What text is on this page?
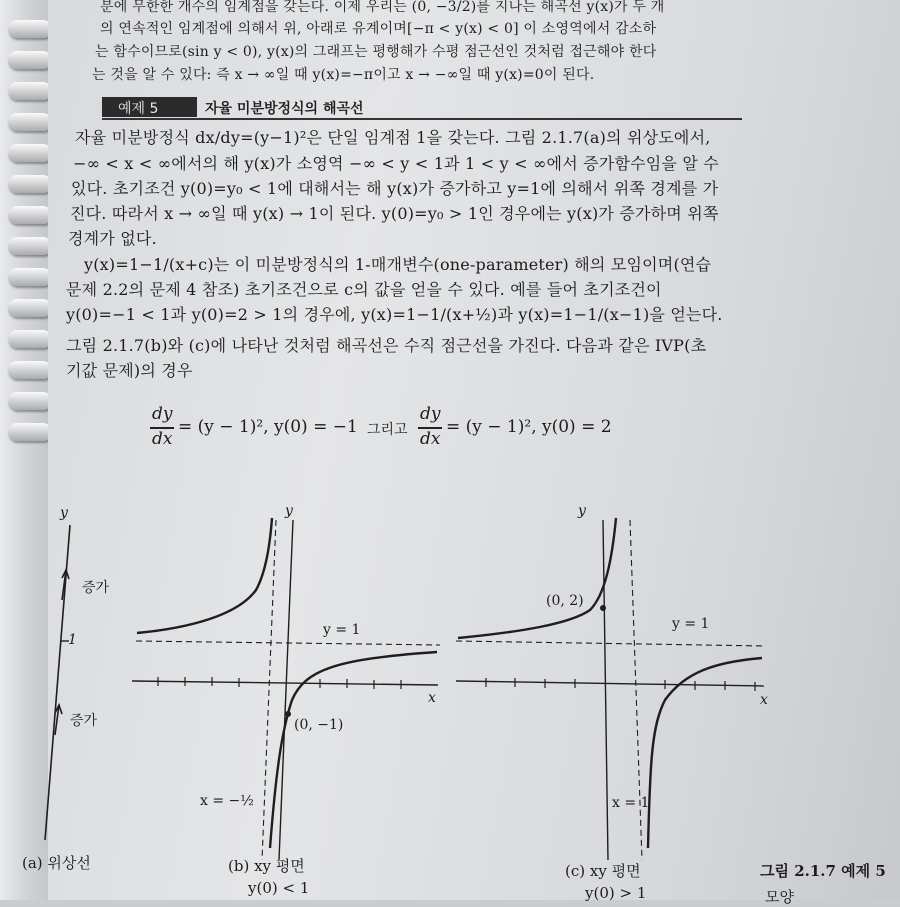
분에 무한한 개수의 임계점을 갖는다. 이제 우리는 (0, −3/2)를 지나는 해곡선 y(x)가 두 개
의 연속적인 임계점에 의해서 위, 아래로 유계이며[−π < y(x) < 0] 이 소영역에서 감소하
는 함수이므로(sin y < 0), y(x)의 그래프는 평행해가 수평 점근선인 것처럼 접근해야 한다
는 것을 알 수 있다: 즉 x → ∞일 때 y(x)=−π이고 x → −∞일 때 y(x)=0이 된다.
예제 5	자율 미분방정식의 해곡선
자율 미분방정식 dx/dy=(y−1)²은 단일 임계점 1을 갖는다. 그림 2.1.7(a)의 위상도에서,
−∞ < x < ∞에서의 해 y(x)가 소영역 −∞ < y < 1과 1 < y < ∞에서 증가함수임을 알 수
있다. 초기조건 y(0)=y₀ < 1에 대해서는 해 y(x)가 증가하고 y=1에 의해서 위쪽 경계를 가
진다. 따라서 x → ∞일 때 y(x) → 1이 된다. y(0)=y₀ > 1인 경우에는 y(x)가 증가하며 위쪽
경계가 없다.
y(x)=1−1/(x+c)는 이 미분방정식의 1-매개변수(one-parameter) 해의 모임이며(연습
문제 2.2의 문제 4 참조) 초기조건으로 c의 값을 얻을 수 있다. 예를 들어 초기조건이
y(0)=−1 < 1과 y(0)=2 > 1의 경우에, y(x)=1−1/(x+½)과 y(x)=1−1/(x−1)을 얻는다.
그림 2.1.7(b)와 (c)에 나타난 것처럼 해곡선은 수직 점근선을 가진다. 다음과 같은 IVP(초
기값 문제)의 경우
dy
dx
= (y − 1)², y(0) = −1 그리고
dy
dx
= (y − 1)², y(0) = 2
y
1
증가
증가
y
x
y = 1
(0, −1)
x = −½
y
x
y = 1
(0, 2)
x = 1
(a) 위상선	(b) xy 평면
y(0) < 1
(c) xy 평면
y(0) > 1
그림 2.1.7 예제 5
모양
